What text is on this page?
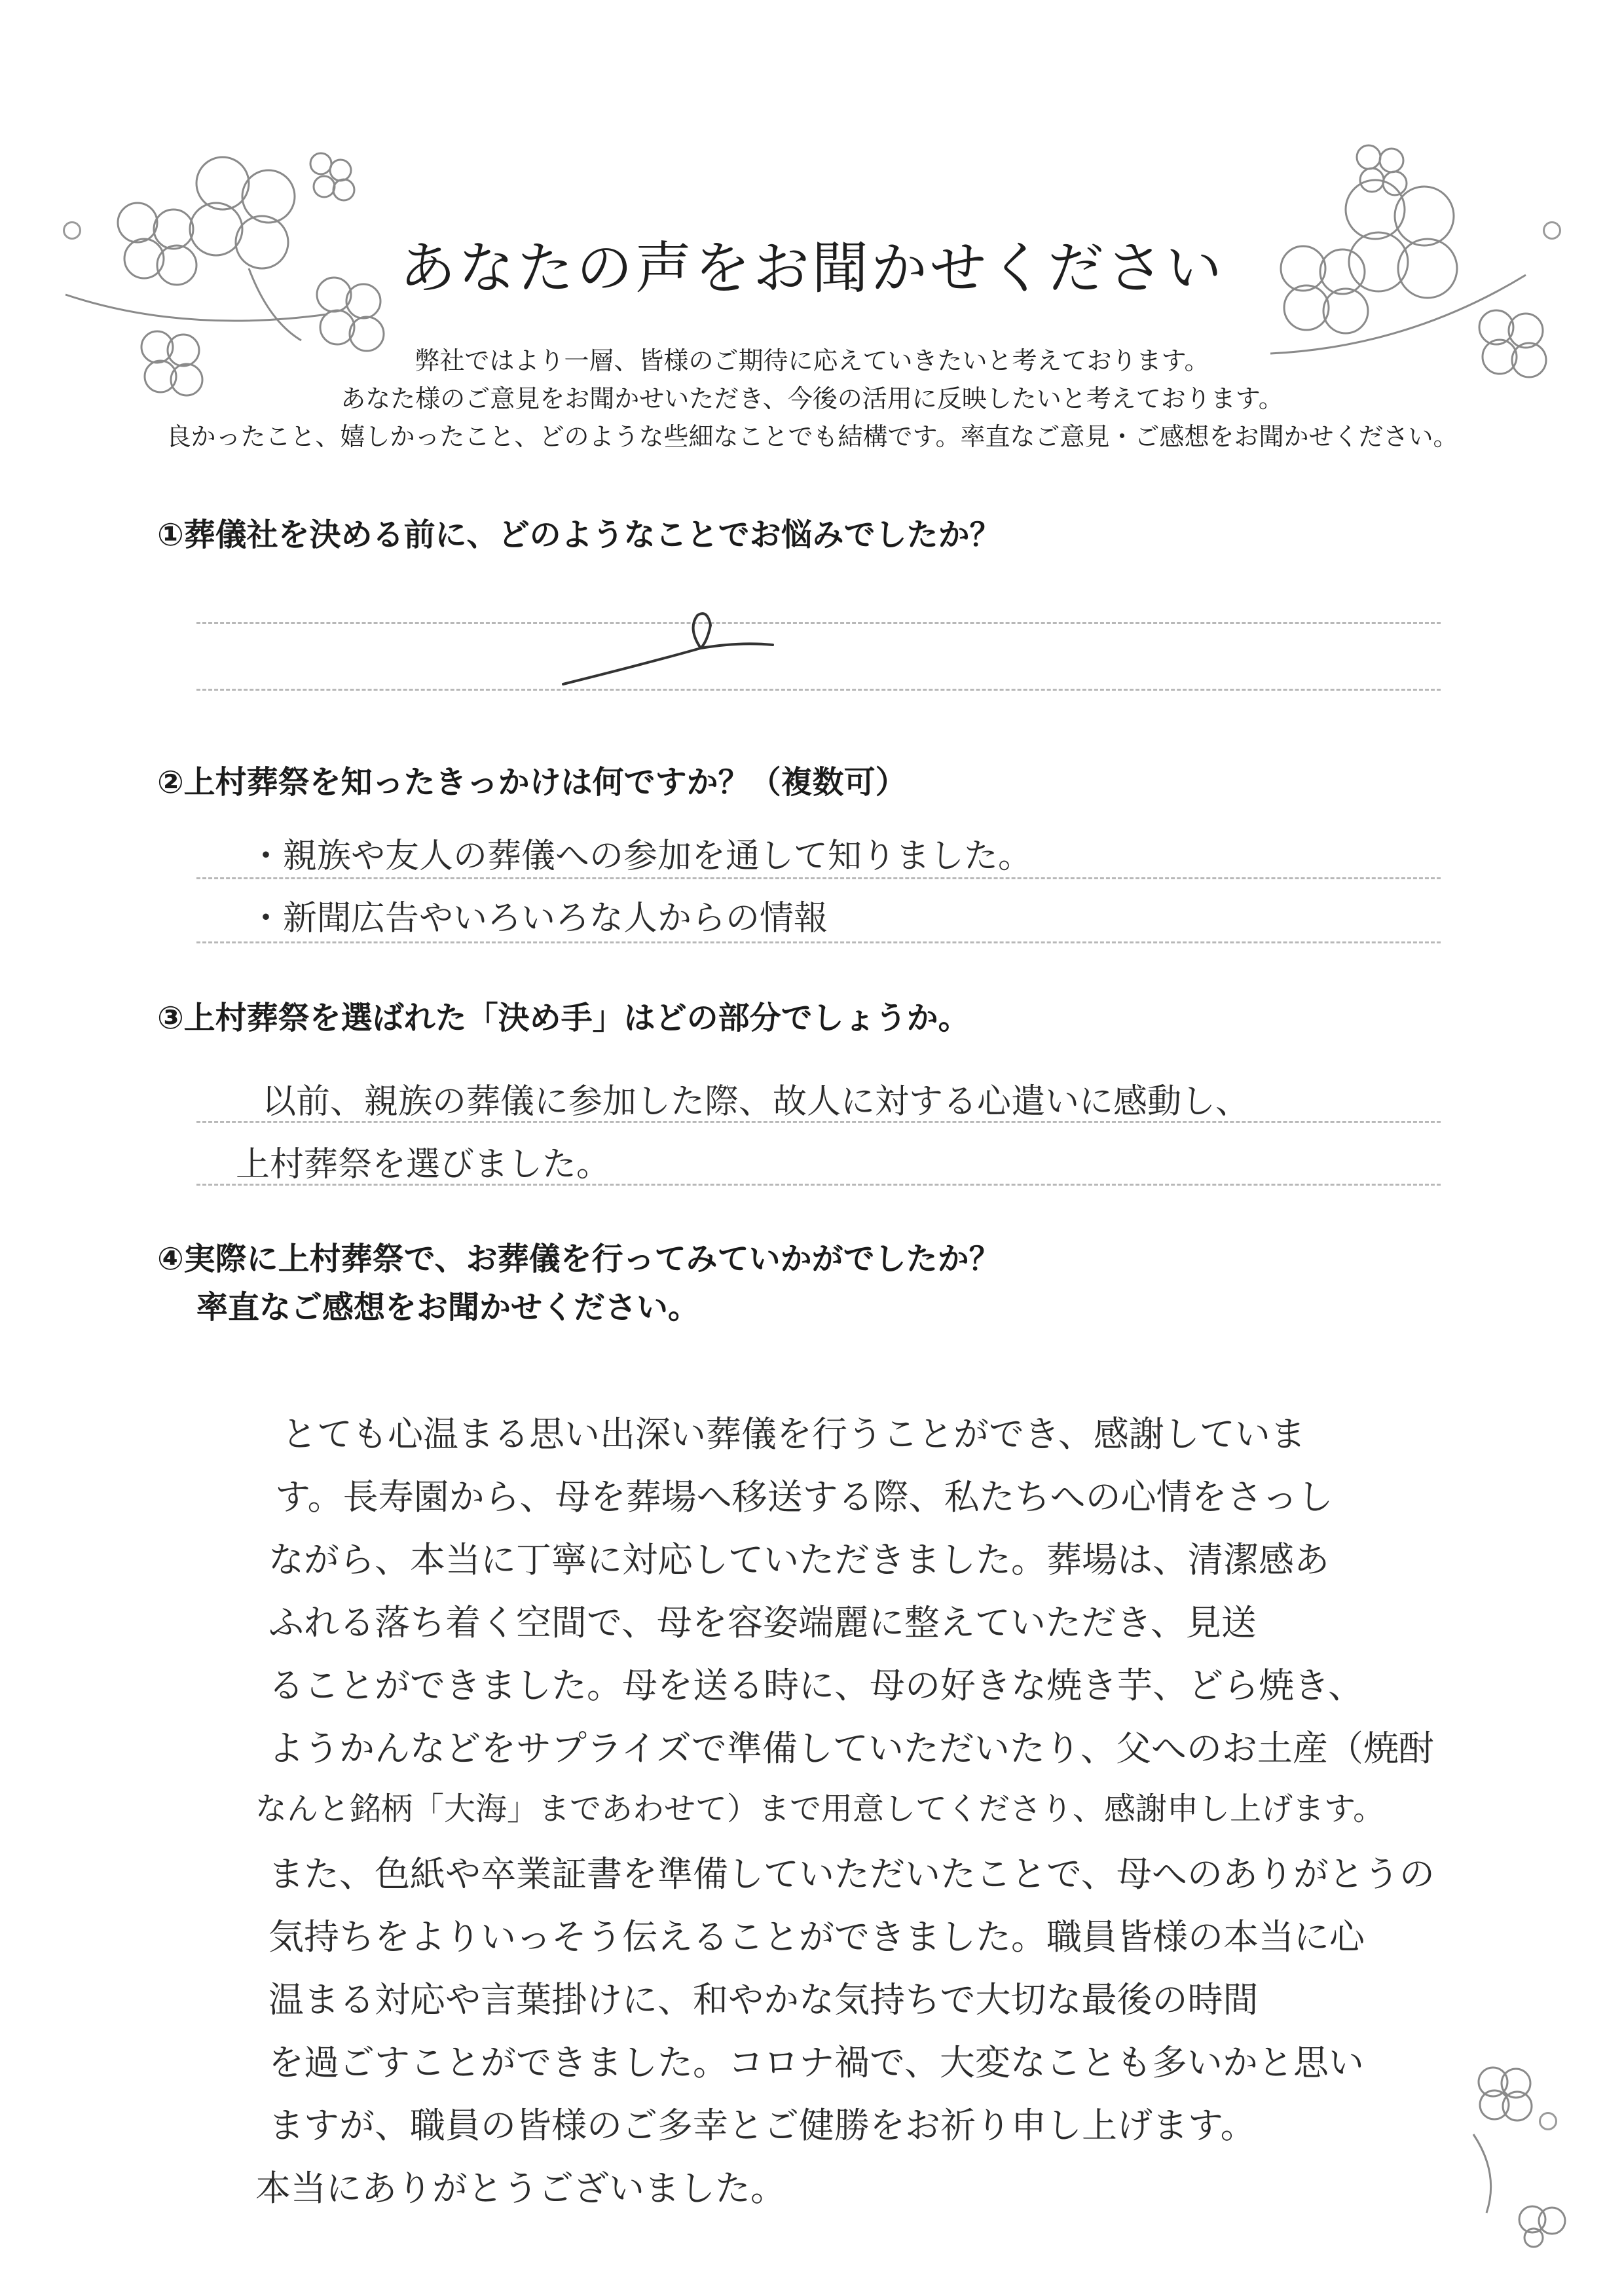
あなたの声をお聞かせください
弊社ではより一層、皆様のご期待に応えていきたいと考えております。
あなた様のご意見をお聞かせいただき、今後の活用に反映したいと考えております。
良かったこと、嬉しかったこと、どのような些細なことでも結構です。率直なご意見・ご感想をお聞かせください。
①葬儀社を決める前に、どのようなことでお悩みでしたか？
②上村葬祭を知ったきっかけは何ですか？（複数可）
・親族や友人の葬儀への参加を通して知りました。
・新聞広告やいろいろな人からの情報
③上村葬祭を選ばれた「決め手」はどの部分でしょうか。
以前、親族の葬儀に参加した際、故人に対する心遣いに感動し、
上村葬祭を選びました。
④実際に上村葬祭で、お葬儀を行ってみていかがでしたか？
率直なご感想をお聞かせください。
とても心温まる思い出深い葬儀を行うことができ、感謝していま
す。長寿園から、母を葬場へ移送する際、私たちへの心情をさっし
ながら、本当に丁寧に対応していただきました。葬場は、清潔感あ
ふれる落ち着く空間で、母を容姿端麗に整えていただき、見送
ることができました。母を送る時に、母の好きな焼き芋、どら焼き、
ようかんなどをサプライズで準備していただいたり、父へのお土産（焼酎
なんと銘柄「大海」まであわせて）まで用意してくださり、感謝申し上げます。
また、色紙や卒業証書を準備していただいたことで、母へのありがとうの
気持ちをよりいっそう伝えることができました。職員皆様の本当に心
温まる対応や言葉掛けに、和やかな気持ちで大切な最後の時間
を過ごすことができました。コロナ禍で、大変なことも多いかと思い
ますが、職員の皆様のご多幸とご健勝をお祈り申し上げます。
本当にありがとうございました。
